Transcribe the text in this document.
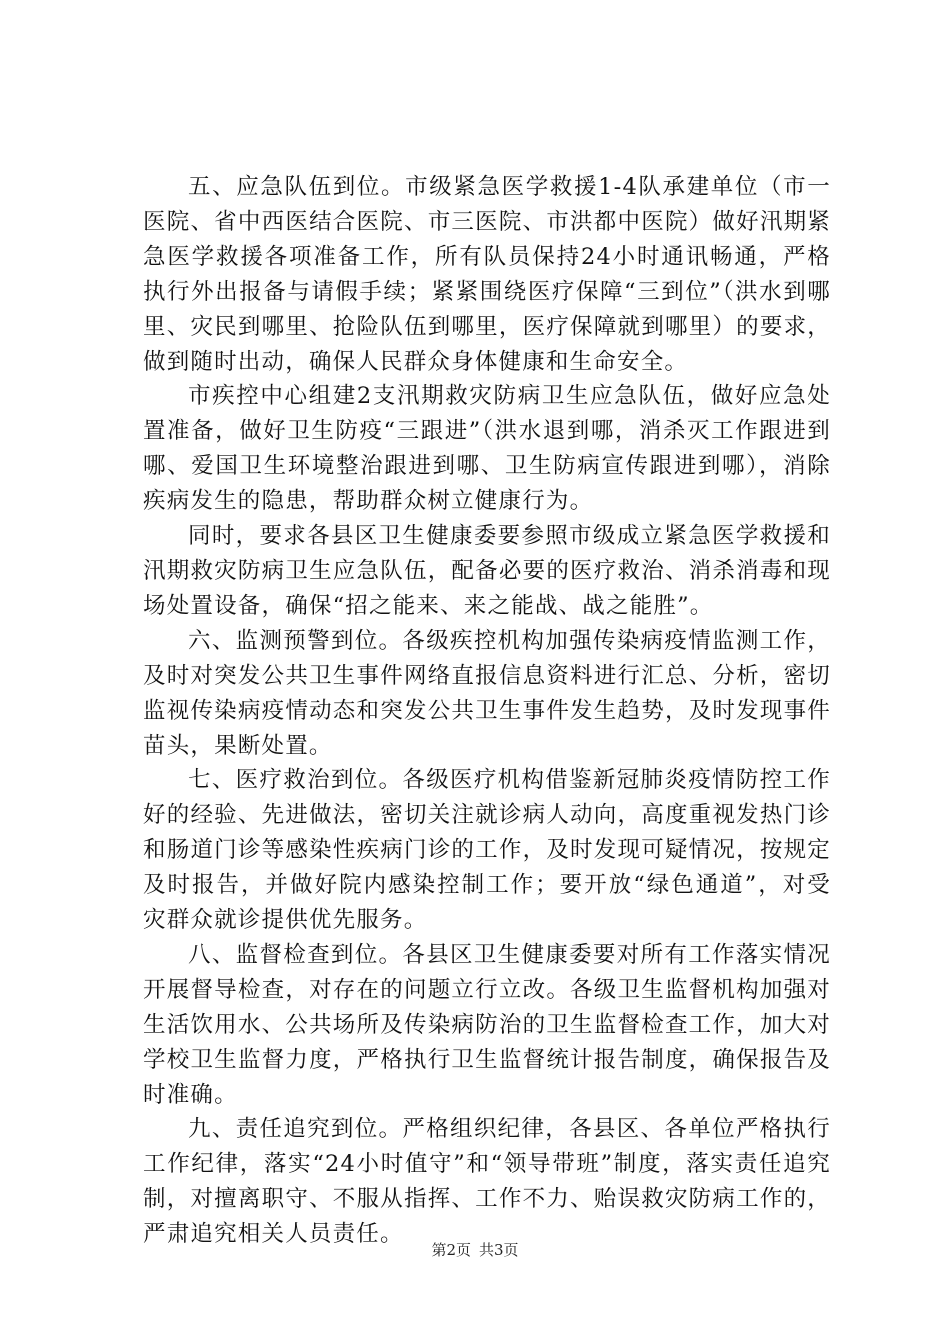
五、应急队伍到位。市级紧急医学救援1-4队承建单位（市一医院、省中西医结合医院、市三医院、市洪都中医院）做好汛期紧急医学救援各项准备工作，所有队员保持24小时通讯畅通，严格执行外出报备与请假手续；紧紧围绕医疗保障“三到位”（洪水到哪里、灾民到哪里、抢险队伍到哪里，医疗保障就到哪里）的要求，做到随时出动，确保人民群众身体健康和生命安全。

市疾控中心组建2支汛期救灾防病卫生应急队伍，做好应急处置准备，做好卫生防疫“三跟进”（洪水退到哪，消杀灭工作跟进到哪、爱国卫生环境整治跟进到哪、卫生防病宣传跟进到哪），消除疾病发生的隐患，帮助群众树立健康行为。

同时，要求各县区卫生健康委要参照市级成立紧急医学救援和汛期救灾防病卫生应急队伍，配备必要的医疗救治、消杀消毒和现场处置设备，确保“招之能来、来之能战、战之能胜”。

六、监测预警到位。各级疾控机构加强传染病疫情监测工作，及时对突发公共卫生事件网络直报信息资料进行汇总、分析，密切监视传染病疫情动态和突发公共卫生事件发生趋势，及时发现事件苗头，果断处置。

七、医疗救治到位。各级医疗机构借鉴新冠肺炎疫情防控工作好的经验、先进做法，密切关注就诊病人动向，高度重视发热门诊和肠道门诊等感染性疾病门诊的工作，及时发现可疑情况，按规定及时报告，并做好院内感染控制工作；要开放“绿色通道”，对受灾群众就诊提供优先服务。

八、监督检查到位。各县区卫生健康委要对所有工作落实情况开展督导检查，对存在的问题立行立改。各级卫生监督机构加强对生活饮用水、公共场所及传染病防治的卫生监督检查工作，加大对学校卫生监督力度，严格执行卫生监督统计报告制度，确保报告及时准确。

九、责任追究到位。严格组织纪律，各县区、各单位严格执行工作纪律，落实“24小时值守”和“领导带班”制度，落实责任追究制，对擅离职守、不服从指挥、工作不力、贻误救灾防病工作的，严肃追究相关人员责任。

第2页 共3页
